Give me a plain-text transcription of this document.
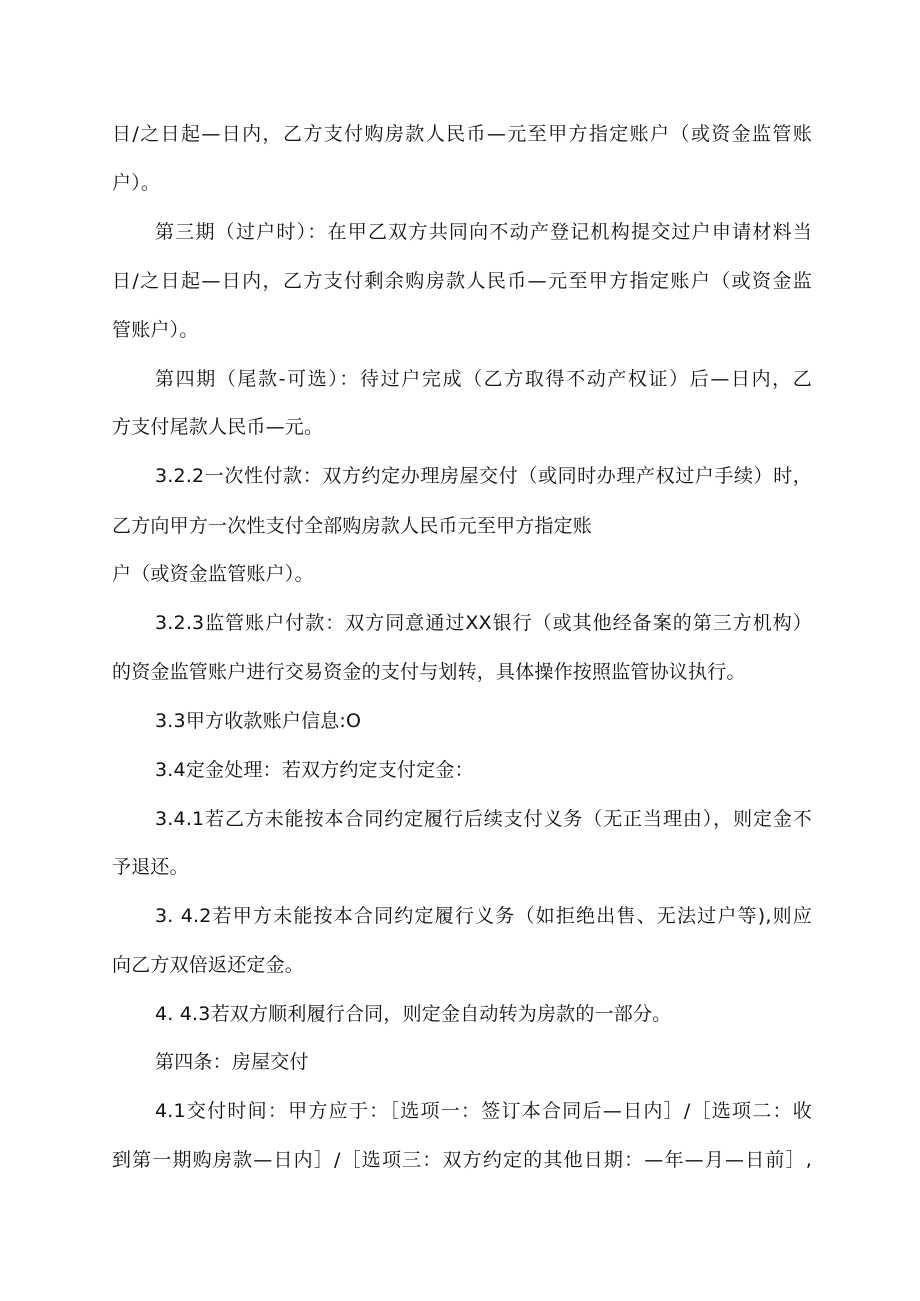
日/之日起—日内，乙方支付购房款人民币—元至甲方指定账户（或资金监管账
户）。
第三期（过户时）：在甲乙双方共同向不动产登记机构提交过户申请材料当
日/之日起—日内，乙方支付剩余购房款人民币—元至甲方指定账户（或资金监
管账户）。
第四期（尾款-可选）：待过户完成（乙方取得不动产权证）后—日内，乙
方支付尾款人民币—元。
3.2.2一次性付款：双方约定办理房屋交付（或同时办理产权过户手续）时，
乙方向甲方一次性支付全部购房款人民币元至甲方指定账
户（或资金监管账户）。
3.2.3监管账户付款：双方同意通过XX银行（或其他经备案的第三方机构）
的资金监管账户进行交易资金的支付与划转，具体操作按照监管协议执行。
3.3甲方收款账户信息:O
3.4定金处理：若双方约定支付定金：
3.4.1若乙方未能按本合同约定履行后续支付义务（无正当理由），则定金不
予退还。
3. 4.2若甲方未能按本合同约定履行义务（如拒绝出售、无法过户等),则应
向乙方双倍返还定金。
4. 4.3若双方顺利履行合同，则定金自动转为房款的一部分。
第四条：房屋交付
4.1交付时间：甲方应于：［选项一：签订本合同后—日内］/［选项二：收
到第一期购房款—日内］/［选项三：双方约定的其他日期：—年—月—日前］,
